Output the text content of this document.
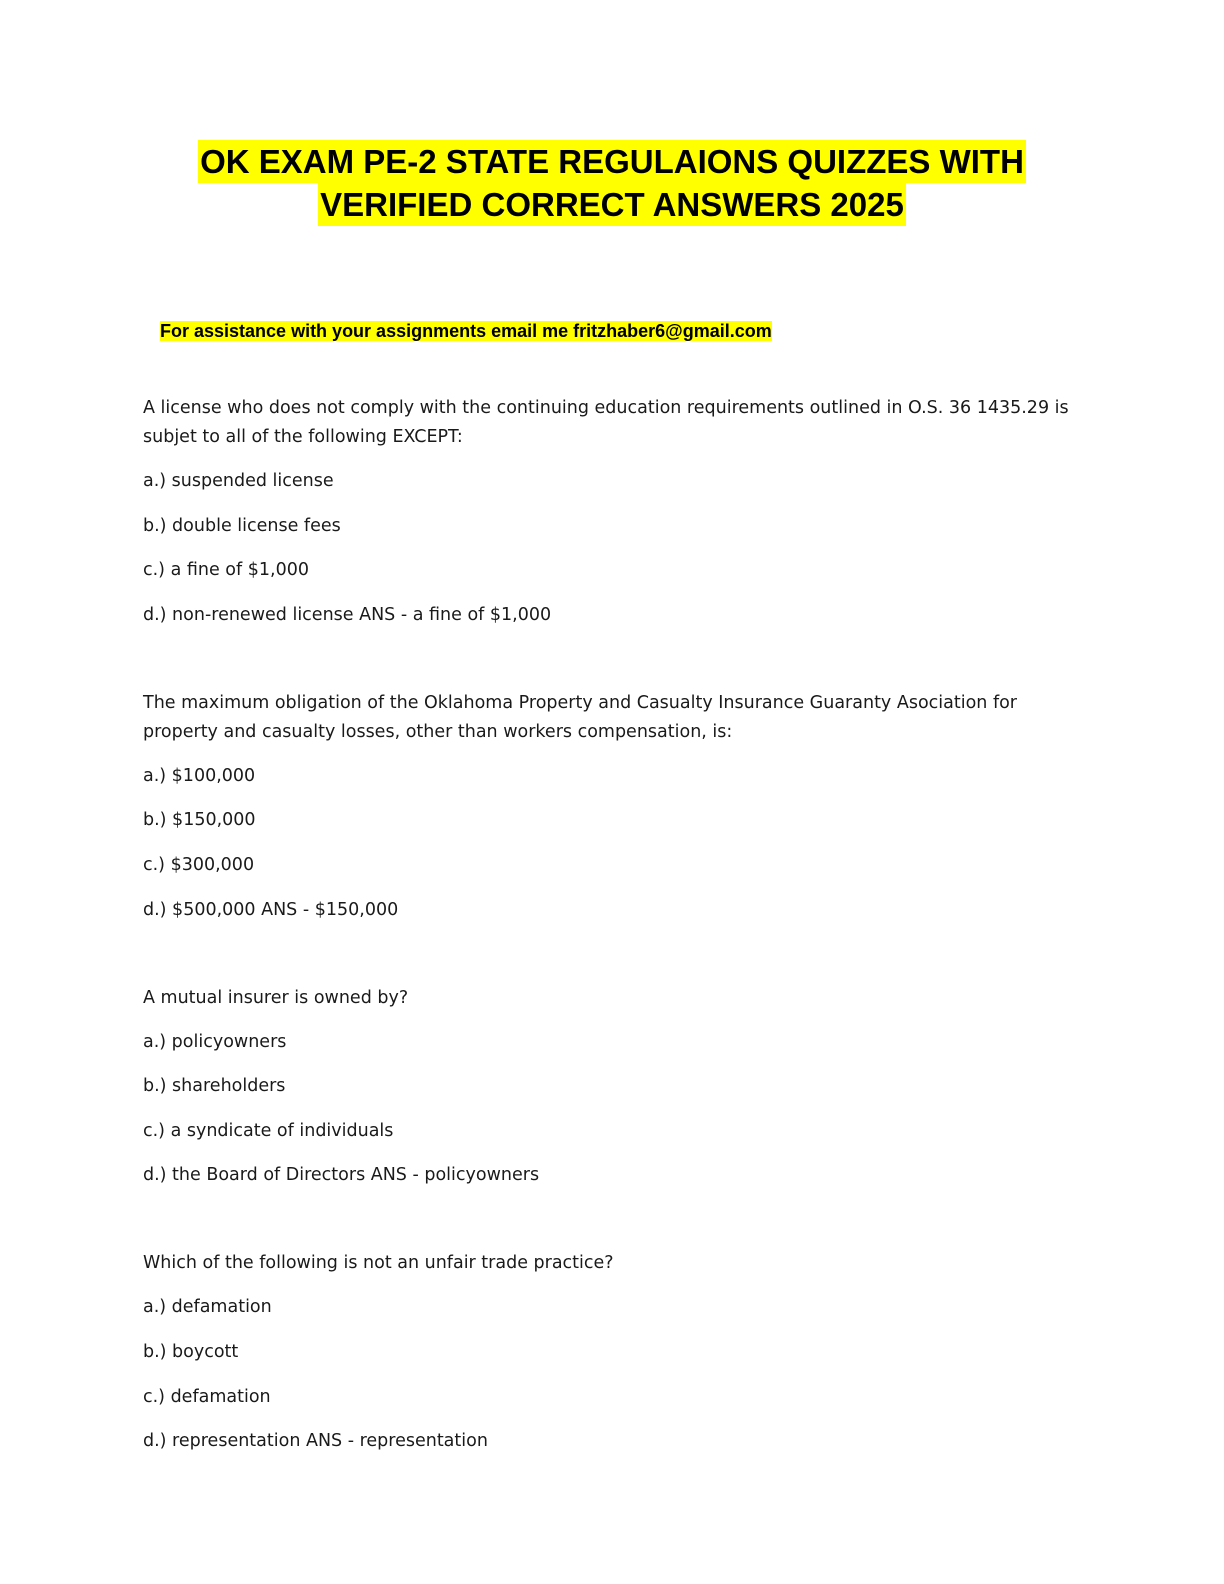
OK EXAM PE-2 STATE REGULAIONS QUIZZES WITH
VERIFIED CORRECT ANSWERS 2025
For assistance with your assignments email me fritzhaber6@gmail.com
A license who does not comply with the continuing education requirements outlined in O.S. 36 1435.29 is subjet to all of the following EXCEPT:
a.) suspended license
b.) double license fees
c.) a fine of $1,000
d.) non-renewed license ANS - a fine of $1,000
The maximum obligation of the Oklahoma Property and Casualty Insurance Guaranty Asociation for property and casualty losses, other than workers compensation, is:
a.) $100,000
b.) $150,000
c.) $300,000
d.) $500,000 ANS - $150,000
A mutual insurer is owned by?
a.) policyowners
b.) shareholders
c.) a syndicate of individuals
d.) the Board of Directors ANS - policyowners
Which of the following is not an unfair trade practice?
a.) defamation
b.) boycott
c.) defamation
d.) representation ANS - representation
